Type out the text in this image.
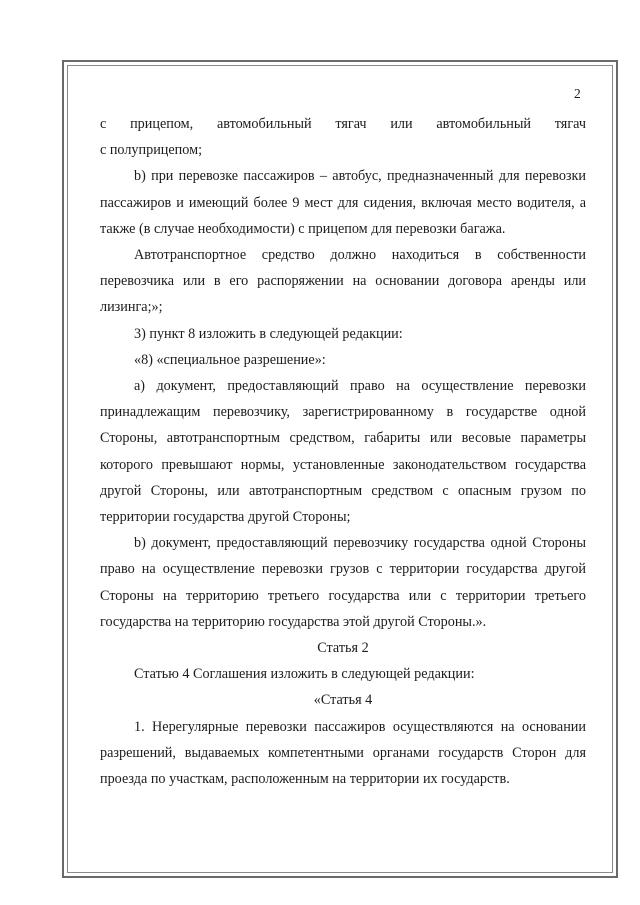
2

с прицепом, автомобильный тягач или автомобильный тягач

с полуприцепом;

b) при перевозке пассажиров – автобус, предназначенный для перевозки пассажиров и имеющий более 9 мест для сидения, включая место водителя, а также (в случае необходимости) с прицепом для перевозки багажа.

Автотранспортное средство должно находиться в собственности перевозчика или в его распоряжении на основании договора аренды или лизинга;»;

3) пункт 8 изложить в следующей редакции:

«8) «специальное разрешение»:

a) документ, предоставляющий право на осуществление перевозки принадлежащим перевозчику, зарегистрированному в государстве одной Стороны, автотранспортным средством, габариты или весовые параметры которого превышают нормы, установленные законодательством государства другой Стороны, или автотранспортным средством с опасным грузом по территории государства другой Стороны;

b) документ, предоставляющий перевозчику государства одной Стороны право на осуществление перевозки грузов с территории государства другой Стороны на территорию третьего государства или с территории третьего государства на территорию государства этой другой Стороны.».

Статья 2

Статью 4 Соглашения изложить в следующей редакции:

«Статья 4

1. Нерегулярные перевозки пассажиров осуществляются на основании разрешений, выдаваемых компетентными органами государств Сторон для проезда по участкам, расположенным на территории их государств.
